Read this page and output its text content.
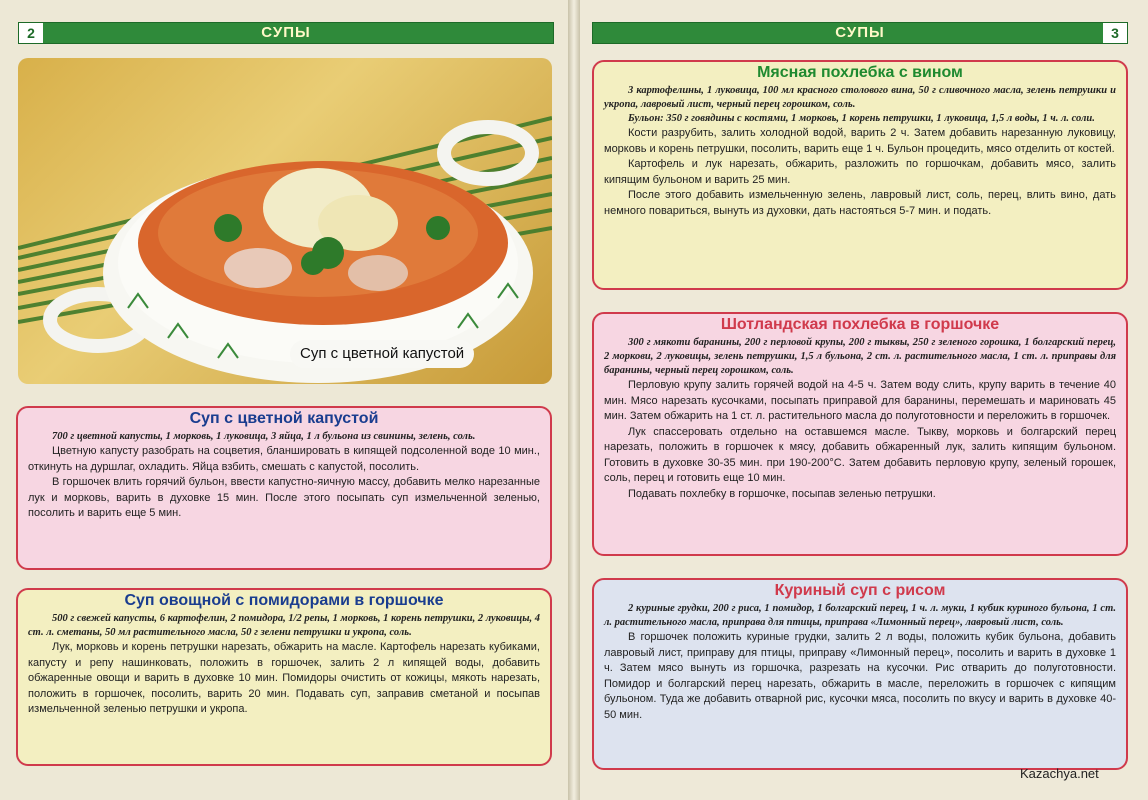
СУПЫ
2	СУПЫ	3
Суп с цветной капустой
Суп с цветной капустой
700 г цветной капусты, 1 морковь, 1 луковица, 3 яйца, 1 л бульона из свинины, зелень, соль.

Цветную капусту разобрать на соцветия, бланшировать в кипящей подсоленной воде 10 мин., откинуть на дуршлаг, охладить. Яйца взбить, смешать с капустой, посолить.

В горшочек влить горячий бульон, ввести капустно-яичную массу, добавить мелко нарезанные лук и морковь, варить в духовке 15 мин. После этого посыпать суп измельченной зеленью, посолить и варить еще 5 мин.

Суп овощной с помидорами в горшочке
500 г свежей капусты, 6 картофелин, 2 помидора, 1/2 репы, 1 морковь, 1 корень петрушки, 2 луковицы, 4 ст. л. сметаны, 50 мл растительного масла, 50 г зелени петрушки и укропа, соль.

Лук, морковь и корень петрушки нарезать, обжарить на масле. Картофель нарезать кубиками, капусту и репу нашинковать, положить в горшочек, залить 2 л кипящей воды, добавить обжаренные овощи и варить в духовке 10 мин. Помидоры очистить от кожицы, мякоть нарезать, положить в горшочек, посолить, варить 20 мин. Подавать суп, заправив сметаной и посыпав измельченной зеленью петрушки и укропа.

Мясная похлебка с вином
3 картофелины, 1 луковица, 100 мл красного столового вина, 50 г сливочного масла, зелень петрушки и укропа, лавровый лист, черный перец горошком, соль.
Бульон: 350 г говядины с костями, 1 морковь, 1 корень петрушки, 1 луковица, 1,5 л воды, 1 ч. л. соли.

Кости разрубить, залить холодной водой, варить 2 ч. Затем добавить нарезанную луковицу, морковь и корень петрушки, посолить, варить еще 1 ч. Бульон процедить, мясо отделить от костей.

Картофель и лук нарезать, обжарить, разложить по горшочкам, добавить мясо, залить кипящим бульоном и варить 25 мин.

После этого добавить измельченную зелень, лавровый лист, соль, перец, влить вино, дать немного повариться, вынуть из духовки, дать настояться 5-7 мин. и подать.

Шотландская похлебка в горшочке
300 г мякоти баранины, 200 г перловой крупы, 200 г тыквы, 250 г зеленого горошка, 1 болгарский перец, 2 моркови, 2 луковицы, зелень петрушки, 1,5 л бульона, 2 ст. л. растительного масла, 1 ст. л. приправы для баранины, черный перец горошком, соль.

Перловую крупу залить горячей водой на 4-5 ч. Затем воду слить, крупу варить в течение 40 мин. Мясо нарезать кусочками, посыпать приправой для баранины, перемешать и мариновать 45 мин. Затем обжарить на 1 ст. л. растительного масла до полуготовности и переложить в горшочек.

Лук спассеровать отдельно на оставшемся масле. Тыкву, морковь и болгарский перец нарезать, положить в горшочек к мясу, добавить обжаренный лук, залить кипящим бульоном. Готовить в духовке 30-35 мин. при 190-200°С. Затем добавить перловую крупу, зеленый горошек, соль, перец и готовить еще 10 мин.

Подавать похлебку в горшочке, посыпав зеленью петрушки.

Куриный суп с рисом
2 куриные грудки, 200 г риса, 1 помидор, 1 болгарский перец, 1 ч. л. муки, 1 кубик куриного бульона, 1 ст. л. растительного масла, приправа для птицы, приправа «Лимонный перец», лавровый лист, соль.

В горшочек положить куриные грудки, залить 2 л воды, положить кубик бульона, добавить лавровый лист, приправу для птицы, приправу «Лимонный перец», посолить и варить в духовке 1 ч. Затем мясо вынуть из горшочка, разрезать на кусочки. Рис отварить до полуготовности. Помидор и болгарский перец нарезать, обжарить в масле, переложить в горшочек с кипящим бульоном. Туда же добавить отварной рис, кусочки мяса, посолить по вкусу и варить в духовке 40-50 мин.

Kazachya.net
